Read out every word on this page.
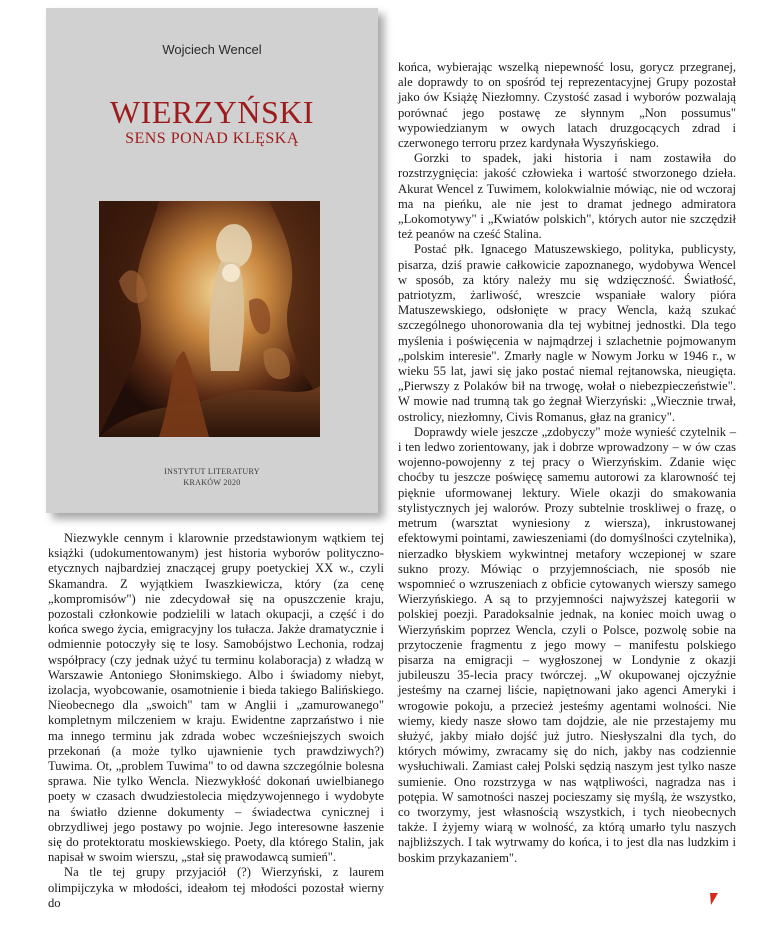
Wojciech Wencel
WIERZYŃSKI
SENS PONAD KLĘSKĄ
INSTYTUT LITERATURY
KRAKÓW 2020

Niezwykle cennym i klarownie przedstawionym wątkiem tej książki (udokumentowanym) jest historia wyborów polityczno-etycznych najbardziej znaczącej grupy poetyckiej XX w., czyli Skamandra. Z wyjątkiem Iwaszkiewicza, który (za cenę „kompromisów") nie zdecydował się na opuszczenie kraju, pozostali członkowie podzielili w latach okupacji, a część i do końca swego życia, emigracyjny los tułacza. Jakże dramatycznie i odmiennie potoczyły się te losy. Samobójstwo Lechonia, rodzaj współpracy (czy jednak użyć tu terminu kolaboracja) z władzą w Warszawie Antoniego Słonimskiego. Albo i świadomy niebyt, izolacja, wyobcowanie, osamotnienie i bieda takiego Balińskiego. Nieobecnego dla „swoich" tam w Anglii i „zamurowanego" kompletnym milczeniem w kraju. Ewidentne zaprzaństwo i nie ma innego terminu jak zdrada wobec wcześniejszych swoich przekonań (a może tylko ujawnienie tych prawdziwych?) Tuwima. Ot, „problem Tuwima" to od dawna szczególnie bolesna sprawa. Nie tylko Wencla. Niezwykłość dokonań uwielbianego poety w czasach dwudziestolecia międzywojennego i wydobyte na światło dzienne dokumenty – świadectwa cynicznej i obrzydliwej jego postawy po wojnie. Jego interesowne łaszenie się do protektoratu moskiewskiego. Poety, dla którego Stalin, jak napisał w swoim wierszu, „stał się prawodawcą sumień".

Na tle tej grupy przyjaciół (?) Wierzyński, z laurem olimpijczyka w młodości, ideałom tej młodości pozostał wierny do

końca, wybierając wszelką niepewność losu, gorycz przegranej, ale doprawdy to on spośród tej reprezentacyjnej Grupy pozostał jako ów Książę Niezłomny. Czystość zasad i wyborów pozwalają porównać jego postawę ze słynnym „Non possumus" wypowiedzianym w owych latach druzgocących zdrad i czerwonego terroru przez kardynała Wyszyńskiego.

Gorzki to spadek, jaki historia i nam zostawiła do rozstrzygnięcia: jakość człowieka i wartość stworzonego dzieła. Akurat Wencel z Tuwimem, kolokwialnie mówiąc, nie od wczoraj ma na pieńku, ale nie jest to dramat jednego admiratora „Lokomotywy" i „Kwiatów polskich", których autor nie szczędził też peanów na cześć Stalina.

Postać płk. Ignacego Matuszewskiego, polityka, publicysty, pisarza, dziś prawie całkowicie zapoznanego, wydobywa Wencel w sposób, za który należy mu się wdzięczność. Światłość, patriotyzm, żarliwość, wreszcie wspaniałe walory pióra Matuszewskiego, odsłonięte w pracy Wencla, każą szukać szczególnego uhonorowania dla tej wybitnej jednostki. Dla tego myślenia i poświęcenia w najmądrzej i szlachetnie pojmowanym „polskim interesie". Zmarły nagle w Nowym Jorku w 1946 r., w wieku 55 lat, jawi się jako postać niemal rejtanowska, nieugięta. „Pierwszy z Polaków bił na trwogę, wołał o niebezpieczeństwie". W mowie nad trumną tak go żegnał Wierzyński: „Wiecznie trwał, ostrolicy, niezłomny, Civis Romanus, głaz na granicy".

Doprawdy wiele jeszcze „zdobyczy" może wynieść czytelnik – i ten ledwo zorientowany, jak i dobrze wprowadzony – w ów czas wojenno-powojenny z tej pracy o Wierzyńskim. Zdanie więc choćby tu jeszcze poświęcę samemu autorowi za klarowność tej pięknie uformowanej lektury. Wiele okazji do smakowania stylistycznych jej walorów. Prozy subtelnie troskliwej o frazę, o metrum (warsztat wyniesiony z wiersza), inkrustowanej efektowymi pointami, zawieszeniami (do domyślności czytelnika), nierzadko błyskiem wykwintnej metafory wczepionej w szare sukno prozy. Mówiąc o przyjemnościach, nie sposób nie wspomnieć o wzruszeniach z obficie cytowanych wierszy samego Wierzyńskiego. A są to przyjemności najwyższej kategorii w polskiej poezji. Paradoksalnie jednak, na koniec moich uwag o Wierzyńskim poprzez Wencla, czyli o Polsce, pozwolę sobie na przytoczenie fragmentu z jego mowy – manifestu polskiego pisarza na emigracji – wygłoszonej w Londynie z okazji jubileuszu 35-lecia pracy twórczej. „W okupowanej ojczyźnie jesteśmy na czarnej liście, napiętnowani jako agenci Ameryki i wrogowie pokoju, a przecież jesteśmy agentami wolności. Nie wiemy, kiedy nasze słowo tam dojdzie, ale nie przestajemy mu służyć, jakby miało dojść już jutro. Niesłyszalni dla tych, do których mówimy, zwracamy się do nich, jakby nas codziennie wysłuchiwali. Zamiast całej Polski sędzią naszym jest tylko nasze sumienie. Ono rozstrzyga w nas wątpliwości, nagradza nas i potępia. W samotności naszej pocieszamy się myślą, że wszystko, co tworzymy, jest własnością wszystkich, i tych nieobecnych także. I żyjemy wiarą w wolność, za którą umarło tylu naszych najbliższych. I tak wytrwamy do końca, i to jest dla nas ludzkim i boskim przykazaniem".
